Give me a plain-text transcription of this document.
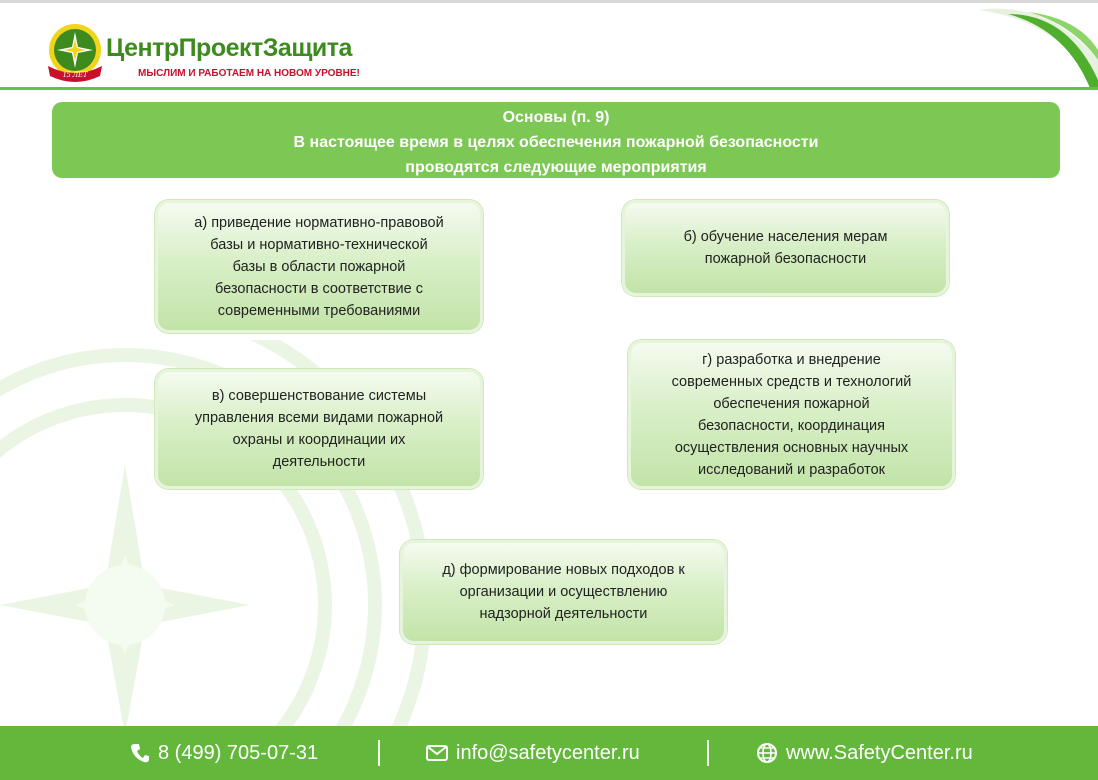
15 ЛЕТ
ЦентрПроектЗащита
МЫСЛИМ И РАБОТАЕМ НА НОВОМ УРОВНЕ!
Основы (п. 9)
В настоящее время в целях обеспечения пожарной безопасности
проводятся следующие мероприятия
а) приведение нормативно-правовой
базы и нормативно-технической
базы в области пожарной
безопасности в соответствие с
современными требованиями
б) обучение населения мерам
пожарной безопасности
в) совершенствование системы
управления всеми видами пожарной
охраны и координации их
деятельности
г) разработка и внедрение
современных средств и технологий
обеспечения пожарной
безопасности, координация
осуществления основных научных
исследований и разработок
д) формирование новых подходов к
организации и осуществлению
надзорной деятельности
8 (499) 705-07-31	info@safetycenter.ru	www.SafetyCenter.ru
